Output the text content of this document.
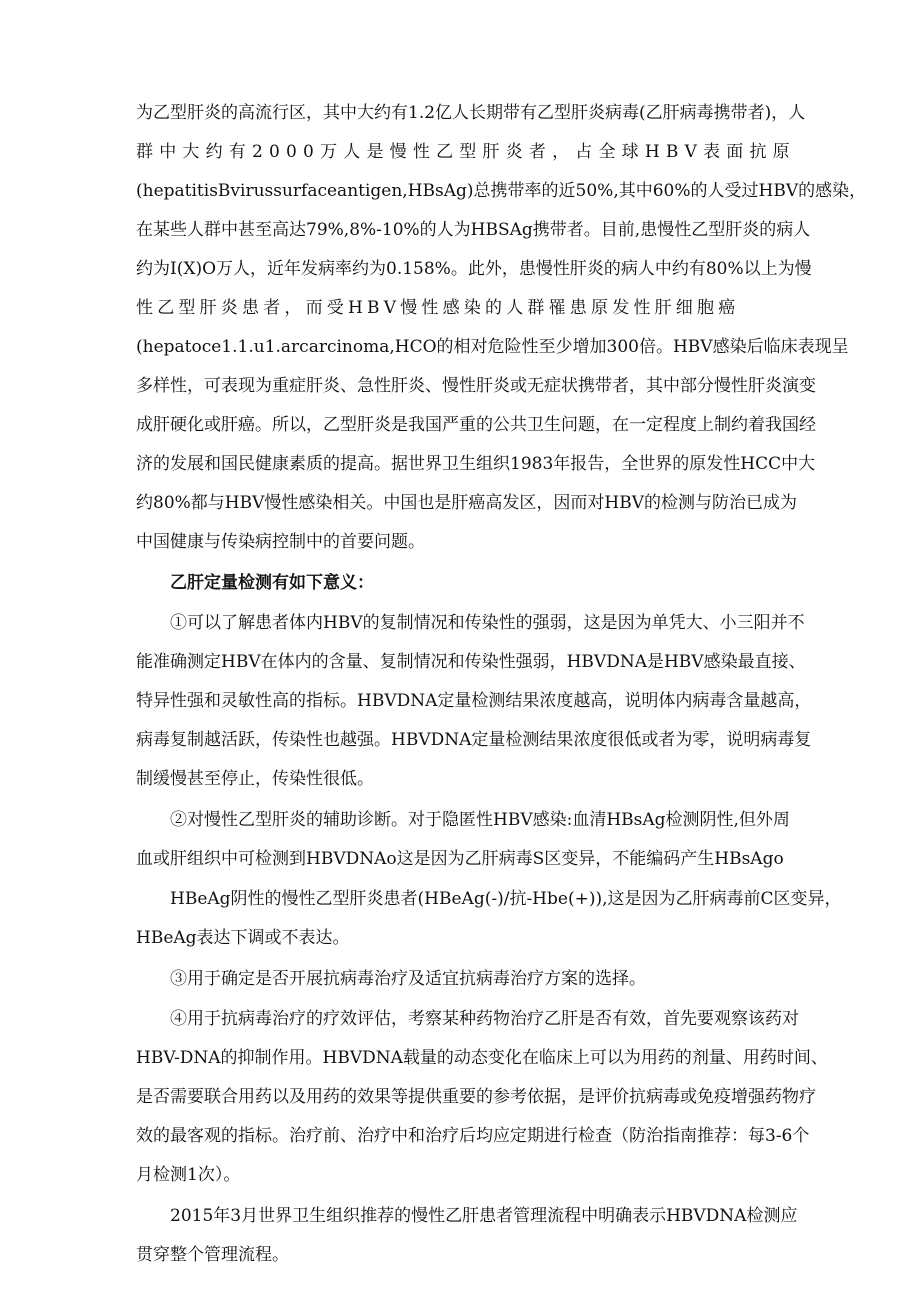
为乙型肝炎的高流行区，其中大约有1.2亿人长期带有乙型肝炎病毒(乙肝病毒携带者)，人
群中大约有2000万人是慢性乙型肝炎者，占全球HBV表面抗原
(hepatitisBvirussurfaceantigen,HBsAg)总携带率的近50%,其中60%的人受过HBV的感染，
在某些人群中甚至高达79%,8%-10%的人为HBSAg携带者。目前,患慢性乙型肝炎的病人
约为I(X)O万人，近年发病率约为0.158%。此外，患慢性肝炎的病人中约有80%以上为慢
性乙型肝炎患者，而受HBV慢性感染的人群罹患原发性肝细胞癌
(hepatoce1.1.u1.arcarcinoma,HCO的相对危险性至少增加300倍。HBV感染后临床表现呈
多样性，可表现为重症肝炎、急性肝炎、慢性肝炎或无症状携带者，其中部分慢性肝炎演变
成肝硬化或肝癌。所以，乙型肝炎是我国严重的公共卫生问题，在一定程度上制约着我国经
济的发展和国民健康素质的提高。据世界卫生组织1983年报告，全世界的原发性HCC中大
约80%都与HBV慢性感染相关。中国也是肝癌高发区，因而对HBV的检测与防治已成为
中国健康与传染病控制中的首要问题。
乙肝定量检测有如下意义：
①可以了解患者体内HBV的复制情况和传染性的强弱，这是因为单凭大、小三阳并不
能准确测定HBV在体内的含量、复制情况和传染性强弱，HBVDNA是HBV感染最直接、
特异性强和灵敏性高的指标。HBVDNA定量检测结果浓度越高，说明体内病毒含量越高，
病毒复制越活跃，传染性也越强。HBVDNA定量检测结果浓度很低或者为零，说明病毒复
制缓慢甚至停止，传染性很低。
②对慢性乙型肝炎的辅助诊断。对于隐匿性HBV感染:血清HBsAg检测阴性,但外周
血或肝组织中可检测到HBVDNAo这是因为乙肝病毒S区变异，不能编码产生HBsAgo
HBeAg阴性的慢性乙型肝炎患者(HBeAg(-)/抗-Hbe(+)),这是因为乙肝病毒前C区变异，
HBeAg表达下调或不表达。
③用于确定是否开展抗病毒治疗及适宜抗病毒治疗方案的选择。
④用于抗病毒治疗的疗效评估，考察某种药物治疗乙肝是否有效，首先要观察该药对
HBV-DNA的抑制作用。HBVDNA载量的动态变化在临床上可以为用药的剂量、用药时间、
是否需要联合用药以及用药的效果等提供重要的参考依据，是评价抗病毒或免疫增强药物疗
效的最客观的指标。治疗前、治疗中和治疗后均应定期进行检查（防治指南推荐：每3-6个
月检测1次）。
2015年3月世界卫生组织推荐的慢性乙肝患者管理流程中明确表示HBVDNA检测应
贯穿整个管理流程。
